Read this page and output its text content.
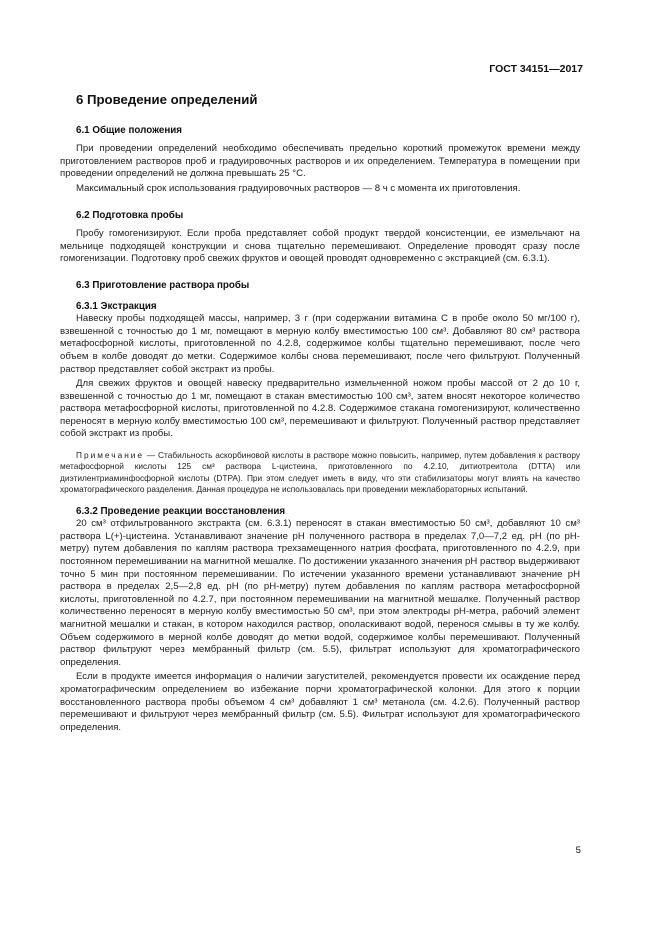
ГОСТ 34151—2017
6 Проведение определений
6.1 Общие положения

При проведении определений необходимо обеспечивать предельно короткий промежуток времени между приготовлением растворов проб и градуировочных растворов и их определением. Температура в помещении при проведении определений не должна превышать 25 °C.

Максимальный срок использования градуировочных растворов — 8 ч с момента их приготовления.

6.2 Подготовка пробы

Пробу гомогенизируют. Если проба представляет собой продукт твердой консистенции, ее измельчают на мельнице подходящей конструкции и снова тщательно перемешивают. Определение проводят сразу после гомогенизации. Подготовку проб свежих фруктов и овощей проводят одновременно с экстракцией (см. 6.3.1).

6.3 Приготовление раствора пробы
6.3.1 Экстракция

Навеску пробы подходящей массы, например, 3 г (при содержании витамина C в пробе около 50 мг/100 г), взвешенной с точностью до 1 мг, помещают в мерную колбу вместимостью 100 см³. Добавляют 80 см³ раствора метафосфорной кислоты, приготовленной по 4.2.8, содержимое колбы тщательно перемешивают, после чего объем в колбе доводят до метки. Содержимое колбы снова перемешивают, после чего фильтруют. Полученный раствор представляет собой экстракт из пробы.

Для свежих фруктов и овощей навеску предварительно измельченной ножом пробы массой от 2 до 10 г, взвешенной с точностью до 1 мг, помещают в стакан вместимостью 100 см³, затем вносят некоторое количество раствора метафосфорной кислоты, приготовленной по 4.2.8. Содержимое стакана гомогенизируют, количественно переносят в мерную колбу вместимостью 100 см³, перемешивают и фильтруют. Полученный раствор представляет собой экстракт из пробы.

Примечание — Стабильность аскорбиновой кислоты в растворе можно повысить, например, путем добавления к раствору метафосфорной кислоты 125 см³ раствора L-цистеина, приготовленного по 4.2.10, дитиотреитола (DTTA) или диэтилентриаминфосфорной кислоты (DTPA). При этом следует иметь в виду, что эти стабилизаторы могут влиять на качество хроматографического разделения. Данная процедура не использовалась при проведении межлабораторных испытаний.
6.3.2 Проведение реакции восстановления

20 см³ отфильтрованного экстракта (см. 6.3.1) переносят в стакан вместимостью 50 см³, добавляют 10 см³ раствора L(+)-цистеина. Устанавливают значение pH полученного раствора в пределах 7,0—7,2 ед. pH (по pH-метру) путем добавления по каплям раствора трехзамещенного натрия фосфата, приготовленного по 4.2.9, при постоянном перемешивании на магнитной мешалке. По достижении указанного значения pH раствор выдерживают точно 5 мин при постоянном перемешивании. По истечении указанного времени устанавливают значение pH раствора в пределах 2,5—2,8 ед. pH (по pH-метру) путем добавления по каплям раствора метафосфорной кислоты, приготовленной по 4.2.7, при постоянном перемешивании на магнитной мешалке. Полученный раствор количественно переносят в мерную колбу вместимостью 50 см³, при этом электроды pH-метра, рабочий элемент магнитной мешалки и стакан, в котором находился раствор, ополаскивают водой, перенося смывы в ту же колбу. Объем содержимого в мерной колбе доводят до метки водой, содержимое колбы перемешивают. Полученный раствор фильтруют через мембранный фильтр (см. 5.5), фильтрат используют для хроматографического определения.

Если в продукте имеется информация о наличии загустителей, рекомендуется провести их осаждение перед хроматографическим определением во избежание порчи хроматографической колонки. Для этого к порции восстановленного раствора пробы объемом 4 см³ добавляют 1 см³ метанола (см. 4.2.6). Полученный раствор перемешивают и фильтруют через мембранный фильтр (см. 5.5). Фильтрат используют для хроматографического определения.

5
